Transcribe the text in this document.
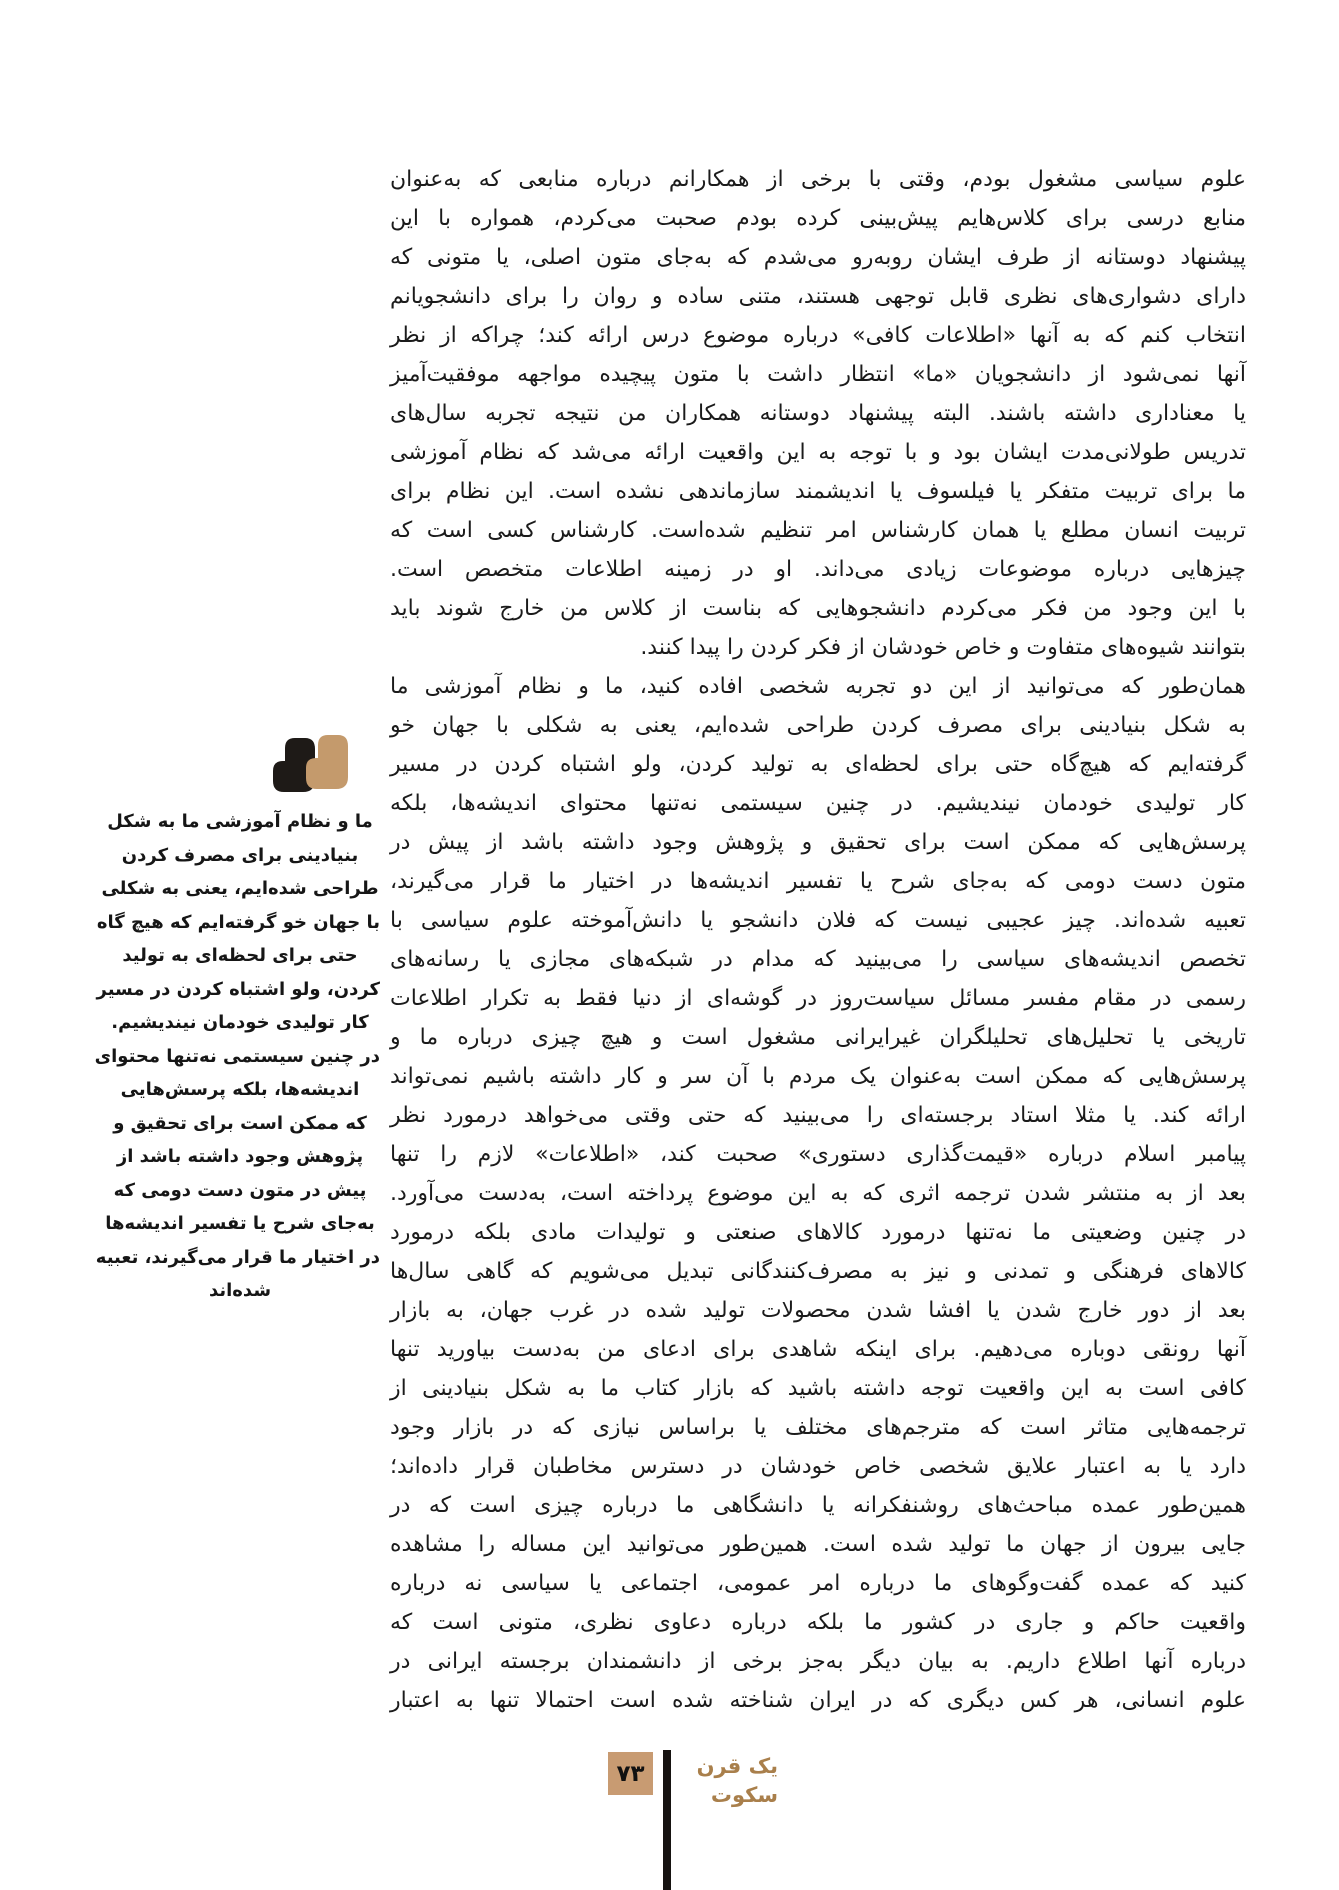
علوم سیاسی مشغول بودم، وقتی با برخی از همکارانم درباره منابعی که به‌عنوان
منابع درسی برای کلاس‌هایم پیش‌بینی کرده بودم صحبت می‌کردم، همواره با این
پیشنهاد دوستانه از طرف ایشان روبه‌رو می‌شدم که به‌جای متون اصلی، یا متونی که
دارای دشواری‌های نظری قابل توجهی هستند، متنی ساده و روان را برای دانشجویانم
انتخاب کنم که به آنها «اطلاعات کافی» درباره موضوع درس ارائه کند؛ چراکه از نظر
آنها نمی‌شود از دانشجویان «ما» انتظار داشت با متون پیچیده مواجهه موفقیت‌آمیز
یا معناداری داشته باشند. البته پیشنهاد دوستانه همکاران من نتیجه تجربه سال‌های
تدریس طولانی‌مدت ایشان بود و با توجه به این واقعیت ارائه می‌شد که نظام آموزشی
ما برای تربیت متفکر یا فیلسوف یا اندیشمند سازماندهی نشده است. این نظام برای
تربیت انسان مطلع یا همان کارشناس امر تنظیم شده‌است. کارشناس کسی است که
چیزهایی درباره موضوعات زیادی می‌داند. او در زمینه اطلاعات متخصص است.
با این وجود من فکر می‌کردم دانشجوهایی که بناست از کلاس من خارج شوند باید
بتوانند شیوه‌های متفاوت و خاص خودشان از فکر کردن را پیدا کنند.
همان‌طور که می‌توانید از این دو تجربه شخصی افاده کنید، ما و نظام آموزشی ما
به شکل بنیادینی برای مصرف کردن طراحی شده‌ایم، یعنی به شکلی با جهان خو
گرفته‌ایم که هیچ‌گاه حتی برای لحظه‌ای به تولید کردن، ولو اشتباه کردن در مسیر
کار تولیدی خودمان نیندیشیم. در چنین سیستمی نه‌تنها محتوای اندیشه‌ها، بلکه
پرسش‌هایی که ممکن است برای تحقیق و پژوهش وجود داشته باشد از پیش در
متون دست دومی که به‌جای شرح یا تفسیر اندیشه‌ها در اختیار ما قرار می‌گیرند،
تعبیه شده‌اند. چیز عجیبی نیست که فلان دانشجو یا دانش‌آموخته علوم سیاسی با
تخصص اندیشه‌های سیاسی را می‌بینید که مدام در شبکه‌های مجازی یا رسانه‌های
رسمی در مقام مفسر مسائل سیاست‌روز در گوشه‌ای از دنیا فقط به تکرار اطلاعات
تاریخی یا تحلیل‌های تحلیلگران غیرایرانی مشغول است و هیچ چیزی درباره ما و
پرسش‌هایی که ممکن است به‌عنوان یک مردم با آن سر و کار داشته باشیم نمی‌تواند
ارائه کند. یا مثلا استاد برجسته‌ای را می‌بینید که حتی وقتی می‌خواهد درمورد نظر
پیامبر اسلام درباره «قیمت‌گذاری دستوری» صحبت کند، «اطلاعات» لازم را تنها
بعد از به منتشر شدن ترجمه اثری که به این موضوع پرداخته است، به‌دست می‌آورد.
در چنین وضعیتی ما نه‌تنها درمورد کالاهای صنعتی و تولیدات مادی بلکه درمورد
کالاهای فرهنگی و تمدنی و نیز به مصرف‌کنندگانی تبدیل می‌شویم که گاهی سال‌ها
بعد از دور خارج شدن یا افشا شدن محصولات تولید شده در غرب جهان، به بازار
آنها رونقی دوباره می‌دهیم. برای اینکه شاهدی برای ادعای من به‌دست بیاورید تنها
کافی است به این واقعیت توجه داشته باشید که بازار کتاب ما به شکل بنیادینی از
ترجمه‌هایی متاثر است که مترجم‌های مختلف یا براساس نیازی که در بازار وجود
دارد یا به اعتبار علایق شخصی خاص خودشان در دسترس مخاطبان قرار داده‌اند؛
همین‌طور عمده مباحث‌های روشنفکرانه یا دانشگاهی ما درباره چیزی است که در
جایی بیرون از جهان ما تولید شده است. همین‌طور می‌توانید این مساله را مشاهده
کنید که عمده گفت‌وگوهای ما درباره امر عمومی، اجتماعی یا سیاسی نه درباره
واقعیت حاکم و جاری در کشور ما بلکه درباره دعاوی نظری، متونی است که
درباره آنها اطلاع داریم. به بیان دیگر به‌جز برخی از دانشمندان برجسته ایرانی در
علوم انسانی، هر کس دیگری که در ایران شناخته شده است احتمالا تنها به اعتبار
ما و نظام آموزشی ما به شکل
بنیادینی برای مصرف کردن
طراحی شده‌ایم، یعنی به شکلی
با جهان خو گرفته‌ایم که هیچ گاه
حتی برای لحظه‌ای به تولید
کردن، ولو اشتباه کردن در مسیر
کار تولیدی خودمان نیندیشیم.
در چنین سیستمی نه‌تنها محتوای
اندیشه‌ها، بلکه پرسش‌هایی
که ممکن است برای تحقیق و
پژوهش وجود داشته باشد از
پیش در متون دست دومی که
به‌جای شرح یا تفسیر اندیشه‌ها
در اختیار ما قرار می‌گیرند، تعبیه
شده‌اند
۷۳	یک قرن
سکوت
